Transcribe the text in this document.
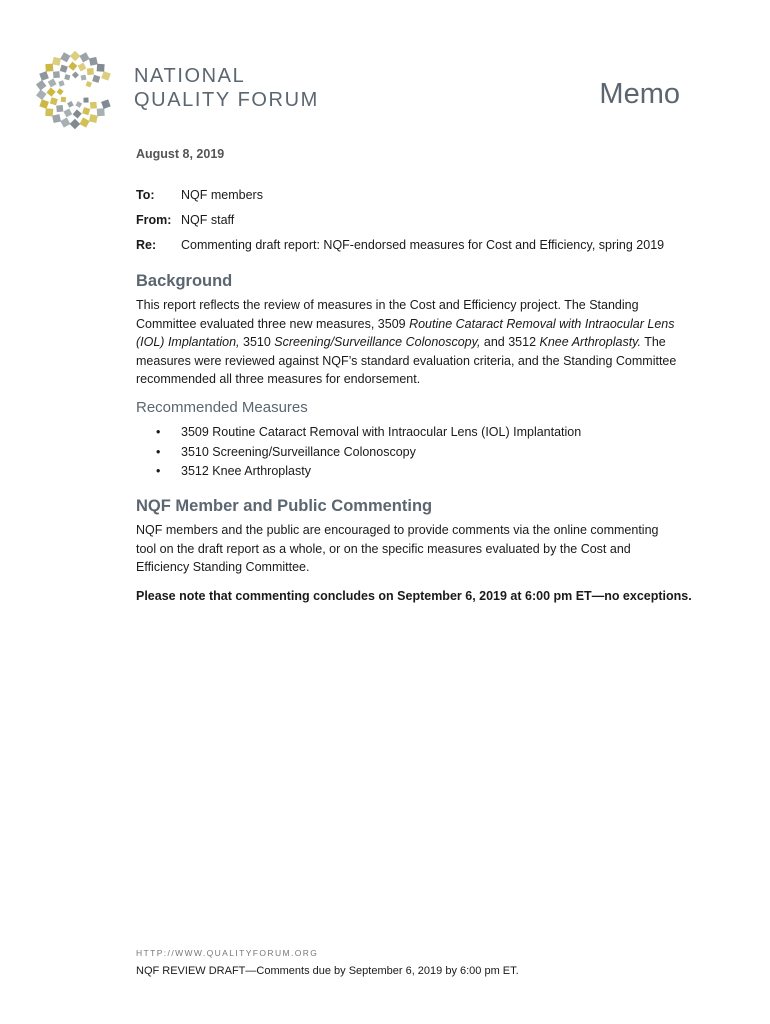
NATIONAL
QUALITY FORUM	Memo
August 8, 2019
To: NQF members
From: NQF staff
Re: Commenting draft report: NQF-endorsed measures for Cost and Efficiency, spring 2019
Background
This report reflects the review of measures in the Cost and Efficiency project. The Standing Committee evaluated three new measures, 3509 Routine Cataract Removal with Intraocular Lens (IOL) Implantation, 3510 Screening/Surveillance Colonoscopy, and 3512 Knee Arthroplasty. The measures were reviewed against NQF’s standard evaluation criteria, and the Standing Committee recommended all three measures for endorsement.
Recommended Measures
• 3509 Routine Cataract Removal with Intraocular Lens (IOL) Implantation
• 3510 Screening/Surveillance Colonoscopy
• 3512 Knee Arthroplasty
NQF Member and Public Commenting
NQF members and the public are encouraged to provide comments via the online commenting tool on the draft report as a whole, or on the specific measures evaluated by the Cost and Efficiency Standing Committee.
Please note that commenting concludes on September 6, 2019 at 6:00 pm ET—no exceptions.
HTTP://WWW.QUALITYFORUM.ORG
NQF REVIEW DRAFT—Comments due by September 6, 2019 by 6:00 pm ET.
